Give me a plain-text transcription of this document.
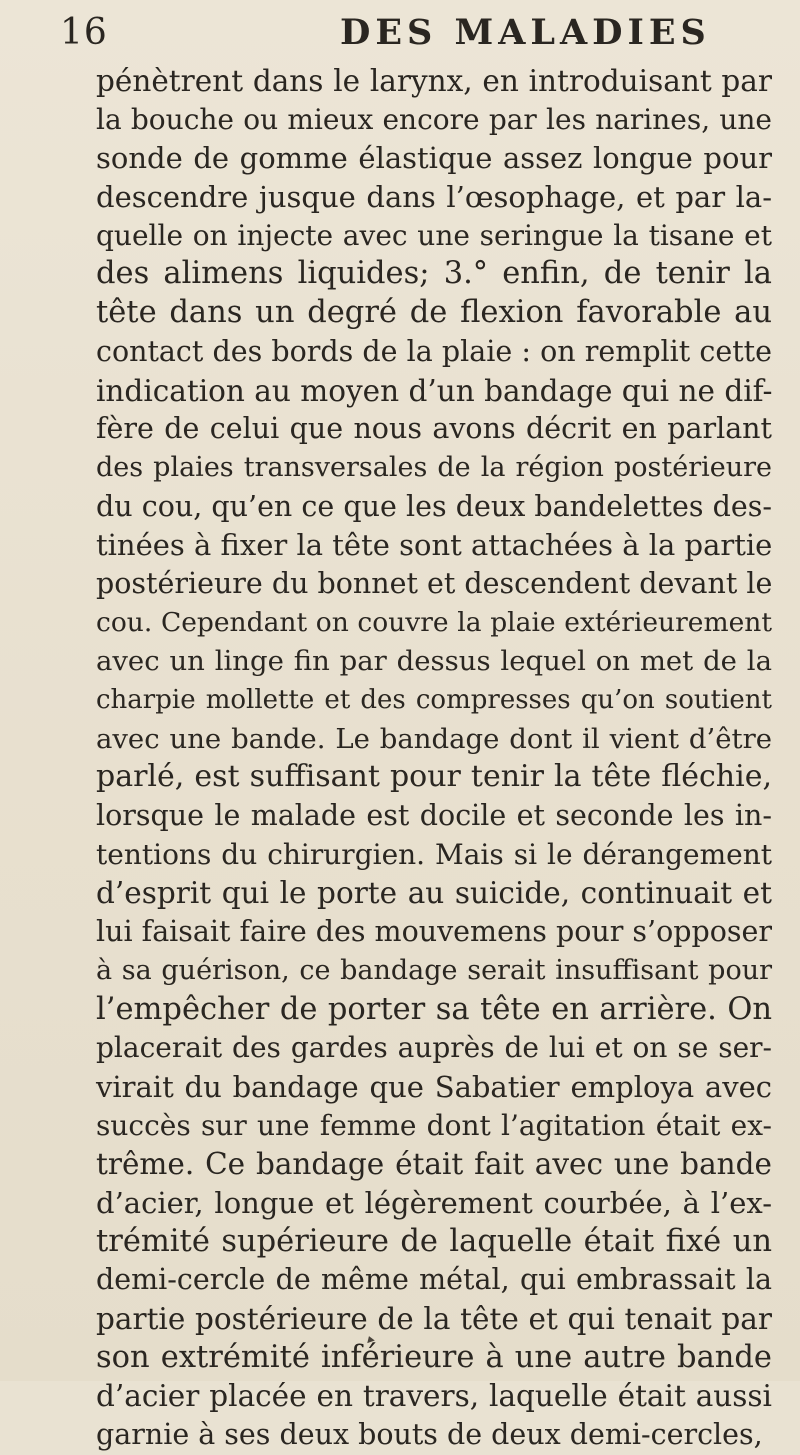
16	DES MALADIES
pénètrent dans le larynx, en introduisant par
la bouche ou mieux encore par les narines, une
sonde de gomme élastique assez longue pour
descendre jusque dans l’œsophage, et par la-
quelle on injecte avec une seringue la tisane et
des alimens liquides; 3.° enfin, de tenir la
tête dans un degré de flexion favorable au
contact des bords de la plaie : on remplit cette
indication au moyen d’un bandage qui ne dif-
fère de celui que nous avons décrit en parlant
des plaies transversales de la région postérieure
du cou, qu’en ce que les deux bandelettes des-
tinées à fixer la tête sont attachées à la partie
postérieure du bonnet et descendent devant le
cou. Cependant on couvre la plaie extérieurement
avec un linge fin par dessus lequel on met de la
charpie mollette et des compresses qu’on soutient
avec une bande. Le bandage dont il vient d’être
parlé, est suffisant pour tenir la tête fléchie,
lorsque le malade est docile et seconde les in-
tentions du chirurgien. Mais si le dérangement
d’esprit qui le porte au suicide, continuait et
lui faisait faire des mouvemens pour s’opposer
à sa guérison, ce bandage serait insuffisant pour
l’empêcher de porter sa tête en arrière. On
placerait des gardes auprès de lui et on se ser-
virait du bandage que Sabatier employa avec
succès sur une femme dont l’agitation était ex-
trême. Ce bandage était fait avec une bande
d’acier, longue et légèrement courbée, à l’ex-
trémité supérieure de laquelle était fixé un
demi-cercle de même métal, qui embrassait la
partie postérieure de la tête et qui tenait par
son extrémité inférieure à une autre bande
d’acier placée en travers, laquelle était aussi
garnie à ses deux bouts de deux demi-cercles,
